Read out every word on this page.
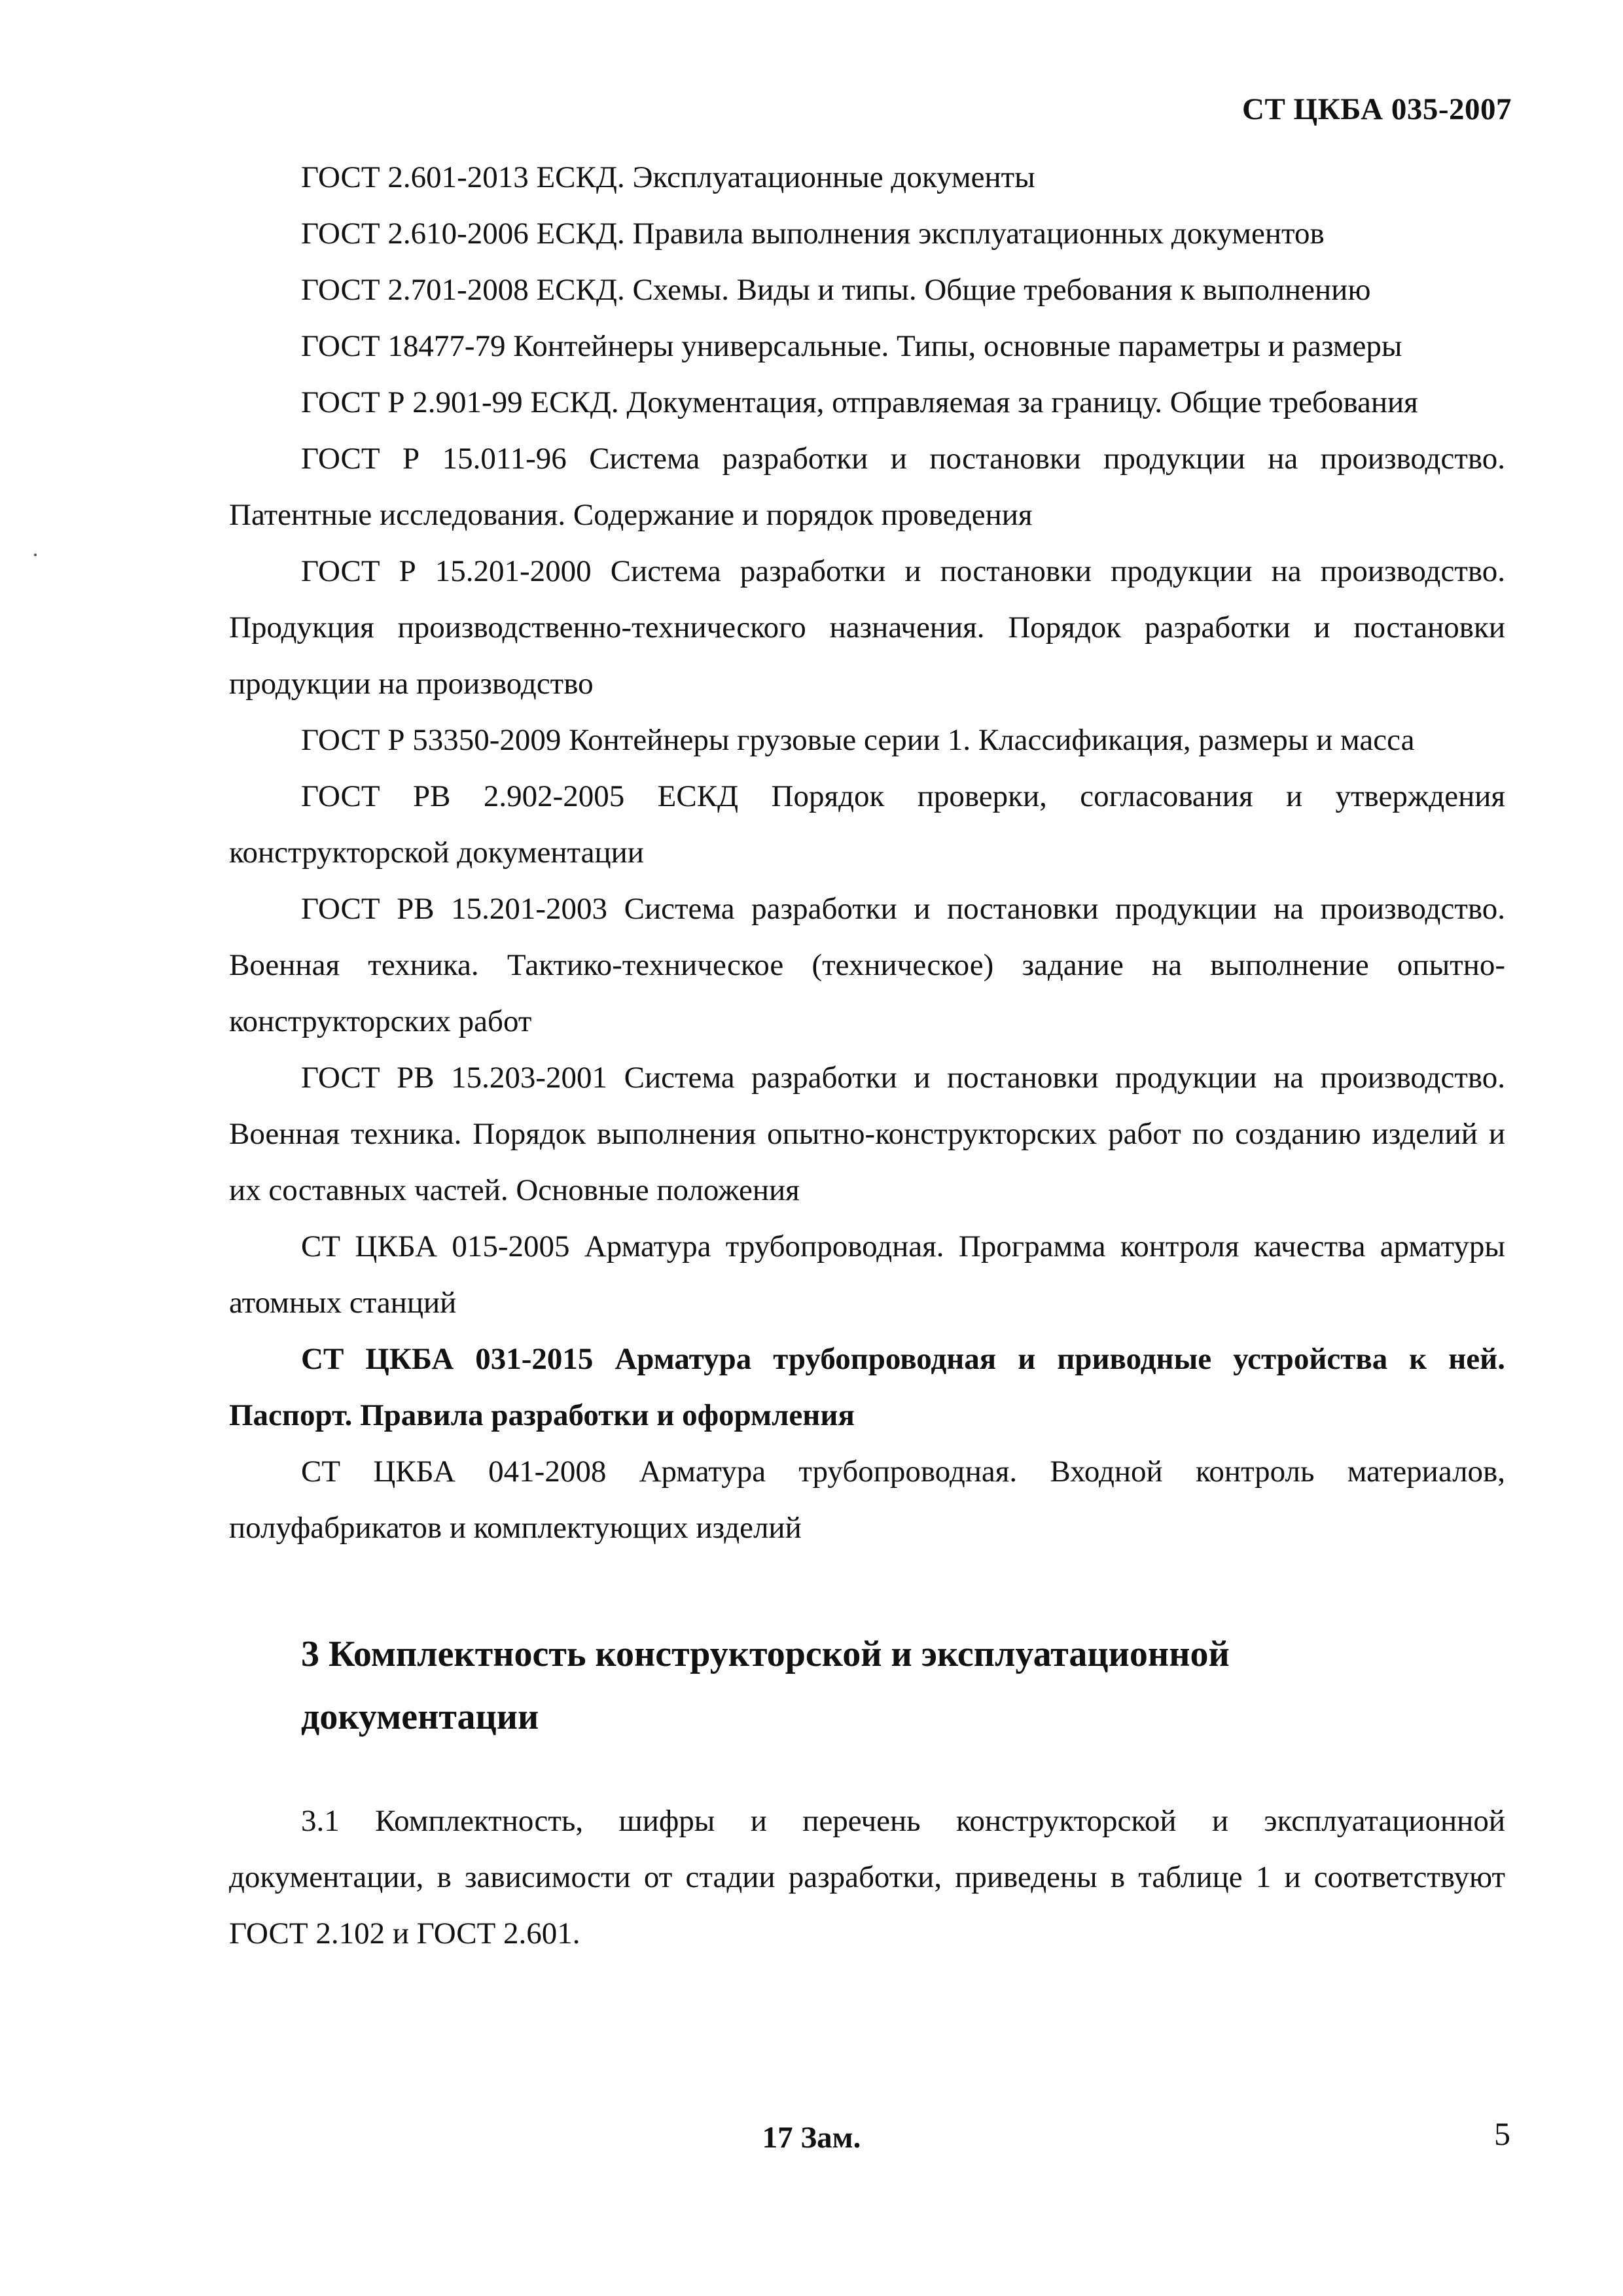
СТ ЦКБА 035-2007

ГОСТ 2.601-2013 ЕСКД. Эксплуатационные документы

ГОСТ 2.610-2006 ЕСКД. Правила выполнения эксплуатационных документов

ГОСТ 2.701-2008 ЕСКД. Схемы. Виды и типы. Общие требования к выполнению

ГОСТ 18477-79 Контейнеры универсальные. Типы, основные параметры и размеры

ГОСТ Р 2.901-99 ЕСКД. Документация, отправляемая за границу. Общие требования

ГОСТ Р 15.011-96 Система разработки и постановки продукции на производство. Патентные исследования. Содержание и порядок проведения

ГОСТ Р 15.201-2000 Система разработки и постановки продукции на производство. Продукция производственно-технического назначения. Порядок разработки и постановки продукции на производство

ГОСТ Р 53350-2009 Контейнеры грузовые серии 1. Классификация, размеры и масса

ГОСТ РВ 2.902-2005 ЕСКД Порядок проверки, согласования и утверждения конструкторской документации

ГОСТ РВ 15.201-2003 Система разработки и постановки продукции на производство. Военная техника. Тактико-техническое (техническое) задание на выполнение опытно-конструкторских работ

ГОСТ РВ 15.203-2001 Система разработки и постановки продукции на производство. Военная техника. Порядок выполнения опытно-конструкторских работ по созданию изделий и их составных частей. Основные положения

СТ ЦКБА 015-2005 Арматура трубопроводная. Программа контроля качества арматуры атомных станций

СТ ЦКБА 031-2015 Арматура трубопроводная и приводные устройства к ней. Паспорт. Правила разработки и оформления

СТ ЦКБА 041-2008 Арматура трубопроводная. Входной контроль материалов, полуфабрикатов и комплектующих изделий

3 Комплектность конструкторской и эксплуатационной документации

3.1 Комплектность, шифры и перечень конструкторской и эксплуатационной документации, в зависимости от стадии разработки, приведены в таблице 1 и соответствуют ГОСТ 2.102 и ГОСТ 2.601.

17 Зам.	5
